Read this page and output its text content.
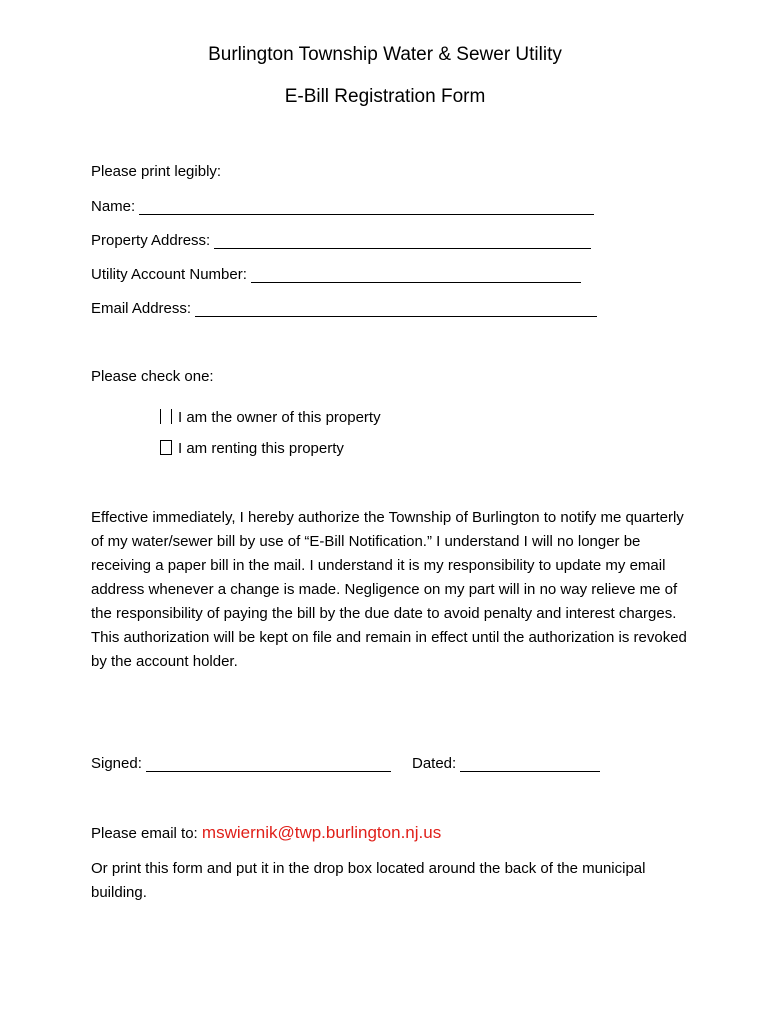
Burlington Township Water & Sewer Utility
E-Bill Registration Form
Please print legibly:
Name:
Property Address:
Utility Account Number:
Email Address:
Please check one:
I am the owner of this property
I am renting this property
Effective immediately, I hereby authorize the Township of Burlington to notify me quarterly of my water/sewer bill by use of “E-Bill Notification.” I understand I will no longer be receiving a paper bill in the mail. I understand it is my responsibility to update my email address whenever a change is made. Negligence on my part will in no way relieve me of the responsibility of paying the bill by the due date to avoid penalty and interest charges. This authorization will be kept on file and remain in effect until the authorization is revoked by the account holder.
Signed:	Dated:
Please email to: mswiernik@twp.burlington.nj.us
Or print this form and put it in the drop box located around the back of the municipal building.
